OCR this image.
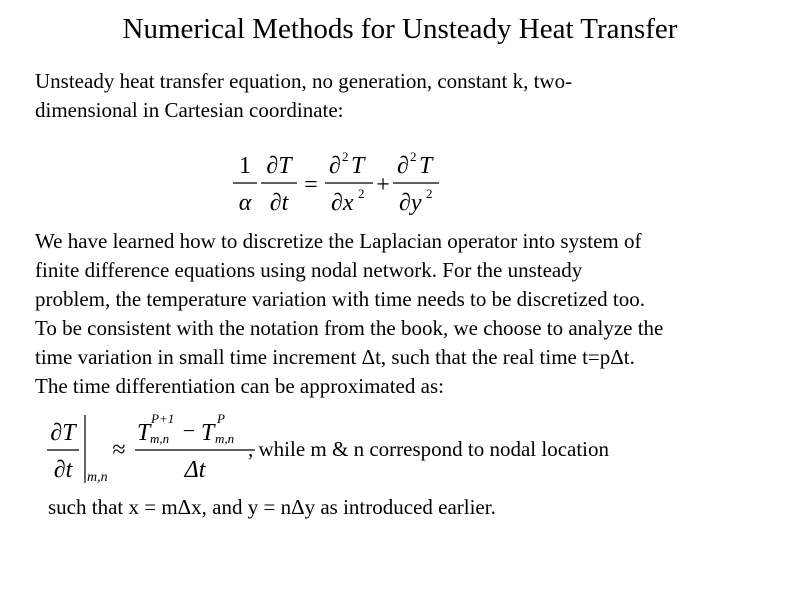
Numerical Methods for Unsteady Heat Transfer
Unsteady heat transfer equation, no generation, constant k, two-
dimensional in Cartesian coordinate:
1
α
∂T
∂t
=
∂ 2 T
∂x 2 +
∂ 2 T
∂y 2
We have learned how to discretize the Laplacian operator into system of
finite difference equations using nodal network. For the unsteady
problem, the temperature variation with time needs to be discretized too.
To be consistent with the notation from the book, we choose to analyze the
time variation in small time increment Δt, such that the real time t=pΔt.
The time differentiation can be approximated as:
∂T
∂t m,n
≈
T
P+1
m,n − T
P
m,n
Δt
, while m & n correspond to nodal location
such that x = mΔx, and y = nΔy as introduced earlier.
